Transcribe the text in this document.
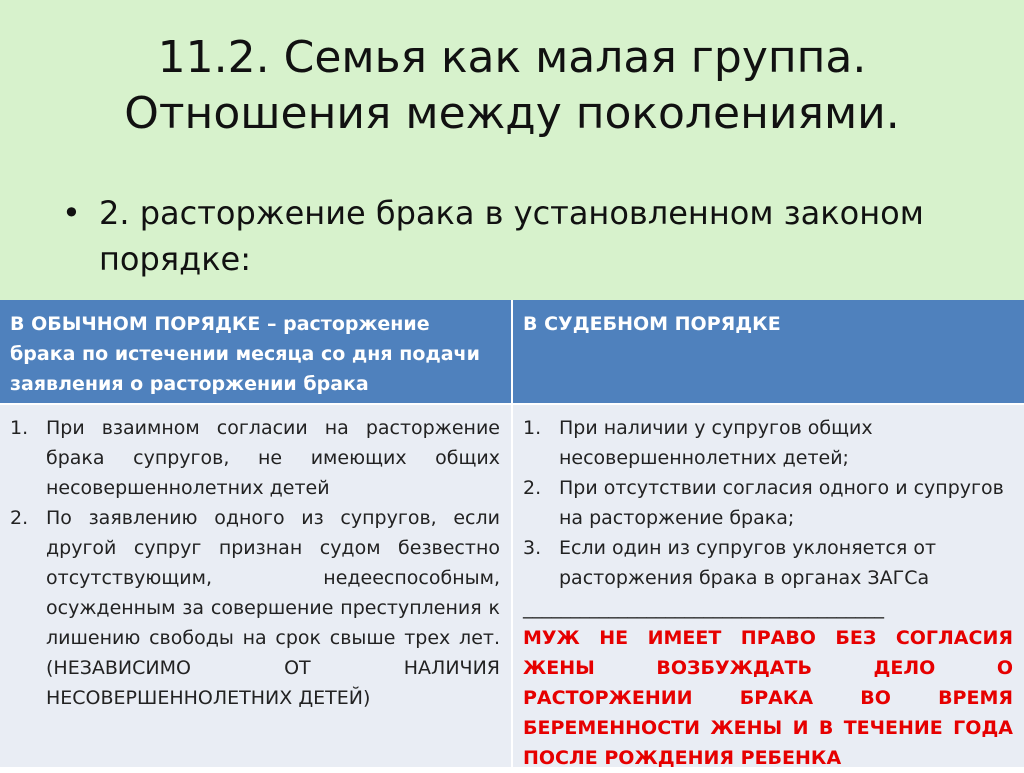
11.2. Семья как малая группа.
Отношения между поколениями.
• 2. расторжение брака в установленном законом порядке:
В ОБЫЧНОМ ПОРЯДКЕ – расторжение брака по истечении месяца со дня подачи заявления о расторжении брака
В СУДЕБНОМ ПОРЯДКЕ
1. При взаимном согласии на расторжение брака супругов, не имеющих общих несовершеннолетних детей
2. По заявлению одного из супругов, если другой супруг признан судом безвестно отсутствующим, недееспособным, осужденным за совершение преступления к лишению свободы на срок свыше трех лет. (НЕЗАВИСИМО ОТ НАЛИЧИЯ НЕСОВЕРШЕННОЛЕТНИХ ДЕТЕЙ)
1. При наличии у супругов общих несовершеннолетних детей;
2. При отсутствии согласия одного и супругов на расторжение брака;
3. Если один из супругов уклоняется от расторжения брака в органах ЗАГСа
______________________________________
МУЖ НЕ ИМЕЕТ ПРАВО БЕЗ СОГЛАСИЯ ЖЕНЫ ВОЗБУЖДАТЬ ДЕЛО О РАСТОРЖЕНИИ БРАКА ВО ВРЕМЯ БЕРЕМЕННОСТИ ЖЕНЫ И В ТЕЧЕНИЕ ГОДА ПОСЛЕ РОЖДЕНИЯ РЕБЕНКА
